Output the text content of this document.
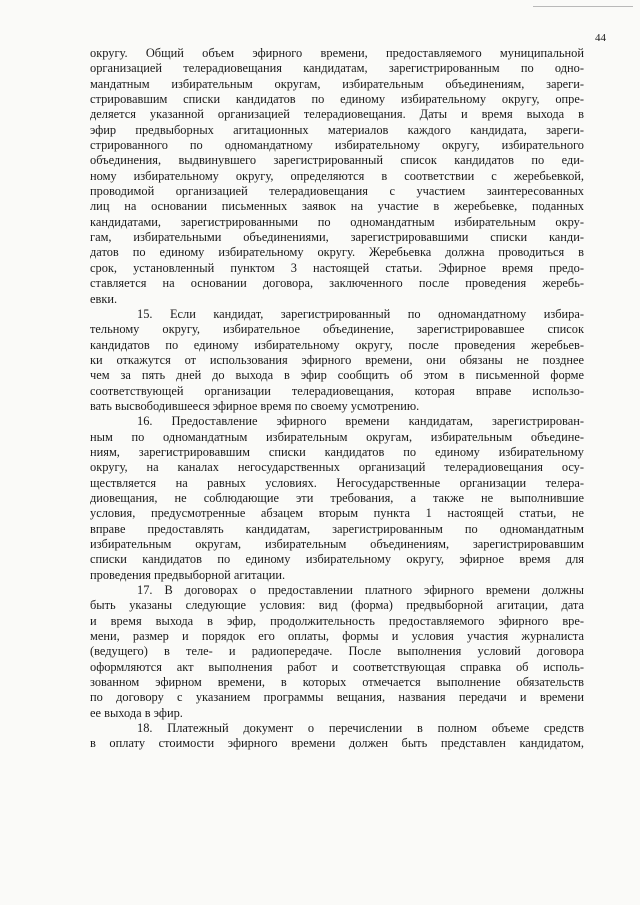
44
округу. Общий объем эфирного времени, предоставляемого муниципальной
организацией телерадиовещания кандидатам, зарегистрированным по одно-
мандатным избирательным округам, избирательным объединениям, зареги-
стрировавшим списки кандидатов по единому избирательному округу, опре-
деляется указанной организацией телерадиовещания. Даты и время выхода в
эфир предвыборных агитационных материалов каждого кандидата, зареги-
стрированного по одномандатному избирательному округу, избирательного
объединения, выдвинувшего зарегистрированный список кандидатов по еди-
ному избирательному округу, определяются в соответствии с жеребьевкой,
проводимой организацией телерадиовещания с участием заинтересованных
лиц на основании письменных заявок на участие в жеребьевке, поданных
кандидатами, зарегистрированными по одномандатным избирательным окру-
гам, избирательными объединениями, зарегистрировавшими списки канди-
датов по единому избирательному округу. Жеребьевка должна проводиться в
срок, установленный пунктом 3 настоящей статьи. Эфирное время предо-
ставляется на основании договора, заключенного после проведения жеребь-
евки.
15. Если кандидат, зарегистрированный по одномандатному избира-
тельному округу, избирательное объединение, зарегистрировавшее список
кандидатов по единому избирательному округу, после проведения жеребьев-
ки откажутся от использования эфирного времени, они обязаны не позднее
чем за пять дней до выхода в эфир сообщить об этом в письменной форме
соответствующей организации телерадиовещания, которая вправе использо-
вать высвободившееся эфирное время по своему усмотрению.
16. Предоставление эфирного времени кандидатам, зарегистрирован-
ным по одномандатным избирательным округам, избирательным объедине-
ниям, зарегистрировавшим списки кандидатов по единому избирательному
округу, на каналах негосударственных организаций телерадиовещания осу-
ществляется на равных условиях. Негосударственные организации телера-
диовещания, не соблюдающие эти требования, а также не выполнившие
условия, предусмотренные абзацем вторым пункта 1 настоящей статьи, не
вправе предоставлять кандидатам, зарегистрированным по одномандатным
избирательным округам, избирательным объединениям, зарегистрировавшим
списки кандидатов по единому избирательному округу, эфирное время для
проведения предвыборной агитации.
17. В договорах о предоставлении платного эфирного времени должны
быть указаны следующие условия: вид (форма) предвыборной агитации, дата
и время выхода в эфир, продолжительность предоставляемого эфирного вре-
мени, размер и порядок его оплаты, формы и условия участия журналиста
(ведущего) в теле- и радиопередаче. После выполнения условий договора
оформляются акт выполнения работ и соответствующая справка об исполь-
зованном эфирном времени, в которых отмечается выполнение обязательств
по договору с указанием программы вещания, названия передачи и времени
ее выхода в эфир.
18. Платежный документ о перечислении в полном объеме средств
в оплату стоимости эфирного времени должен быть представлен кандидатом,
